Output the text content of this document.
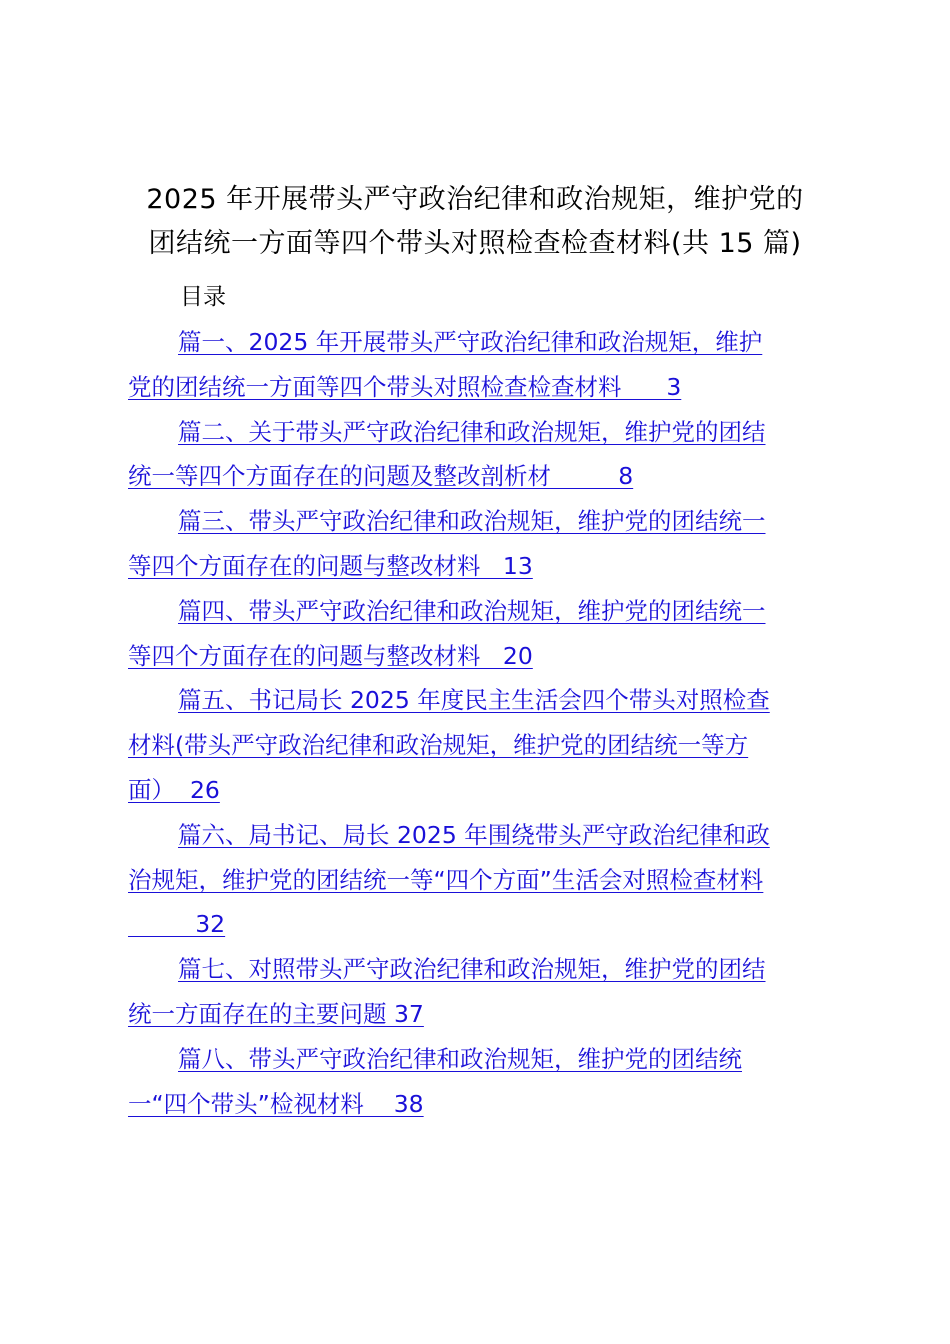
2025 年开展带头严守政治纪律和政治规矩，维护党的
团结统一方面等四个带头对照检查检查材料(共 15 篇)
目录
篇一、2025 年开展带头严守政治纪律和政治规矩，维护
党的团结统一方面等四个带头对照检查检查材料      3
篇二、关于带头严守政治纪律和政治规矩，维护党的团结
统一等四个方面存在的问题及整改剖析材         8
篇三、带头严守政治纪律和政治规矩，维护党的团结统一
等四个方面存在的问题与整改材料   13
篇四、带头严守政治纪律和政治规矩，维护党的团结统一
等四个方面存在的问题与整改材料   20
篇五、书记局长 2025 年度民主生活会四个带头对照检查
材料(带头严守政治纪律和政治规矩，维护党的团结统一等方
面）  26
篇六、局书记、局长 2025 年围绕带头严守政治纪律和政
治规矩，维护党的团结统一等“四个方面”生活会对照检查材料
32
篇七、对照带头严守政治纪律和政治规矩，维护党的团结
统一方面存在的主要问题 37
篇八、带头严守政治纪律和政治规矩，维护党的团结统
一“四个带头”检视材料    38
